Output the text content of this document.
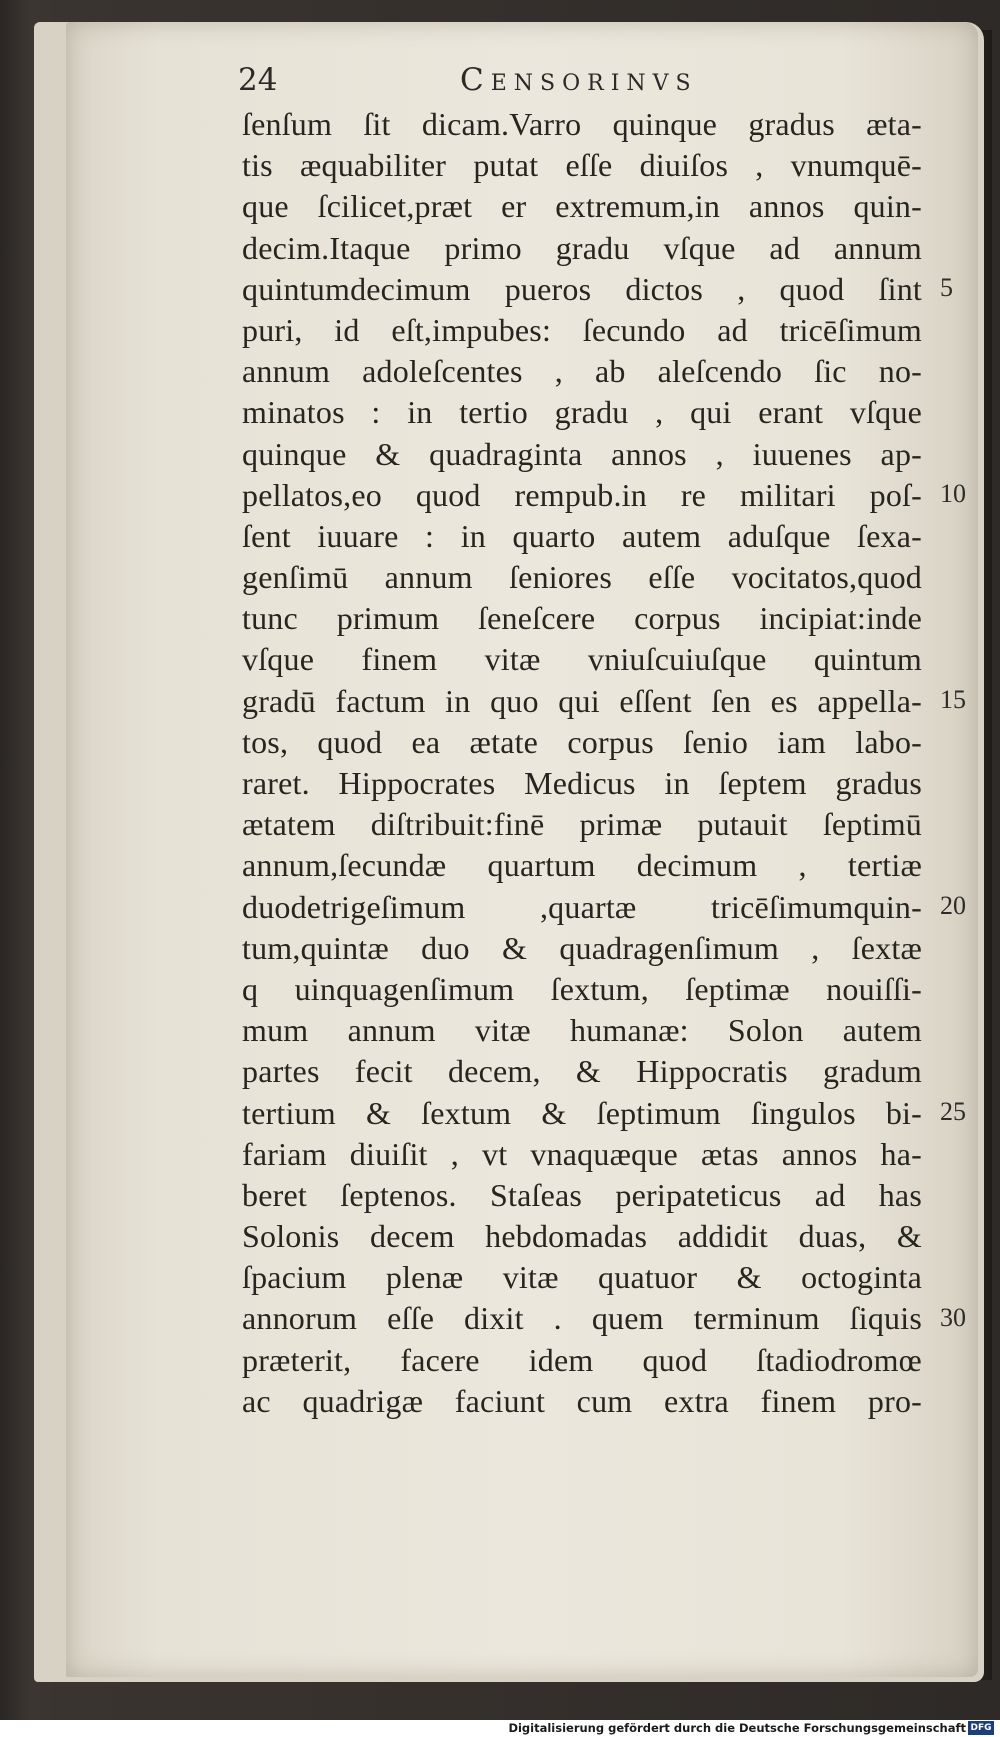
24	Censorinvs
ſenſum ſit dicam.Varro quinque gradus æta-
tis æquabiliter putat eſſe diuiſos , vnumquē-
que ſcilicet,præt er extremum,in annos quin-
decim.Itaque primo gradu vſque ad annum
quintumdecimum pueros dictos , quod ſint
puri, id eſt,impubes: ſecundo ad tricēſimum
annum adoleſcentes , ab aleſcendo ſic no-
minatos : in tertio gradu , qui erant vſque
quinque & quadraginta annos , iuuenes ap-
pellatos,eo quod rempub.in re militari poſ-
ſent iuuare : in quarto autem aduſque ſexa-
genſimū annum ſeniores eſſe vocitatos,quod
tunc primum ſeneſcere corpus incipiat:inde
vſque finem vitæ vniuſcuiuſque quintum
gradū factum in quo qui eſſent ſen es appella-
tos, quod ea ætate corpus ſenio iam labo-
raret. Hippocrates Medicus in ſeptem gradus
ætatem diſtribuit:finē primæ putauit ſeptimū
annum,ſecundæ quartum decimum , tertiæ
duodetrigeſimum ,quartæ tricēſimumquin-
tum,quintæ duo & quadragenſimum , ſextæ
q uinquagenſimum ſextum, ſeptimæ nouiſſi-
mum annum vitæ humanæ: Solon autem
partes fecit decem, & Hippocratis gradum
tertium & ſextum & ſeptimum ſingulos bi-
fariam diuiſit , vt vnaquæque ætas annos ha-
beret ſeptenos. Staſeas peripateticus ad has
Solonis decem hebdomadas addidit duas, &
ſpacium plenæ vitæ quatuor & octoginta
annorum eſſe dixit . quem terminum ſiquis
præterit, facere idem quod ſtadiodromœ
ac quadrigæ faciunt cum extra finem pro-
5
10
15
20
25
30
Digitalisierung gefördert durch die Deutsche Forschungsgemeinschaft DFG
